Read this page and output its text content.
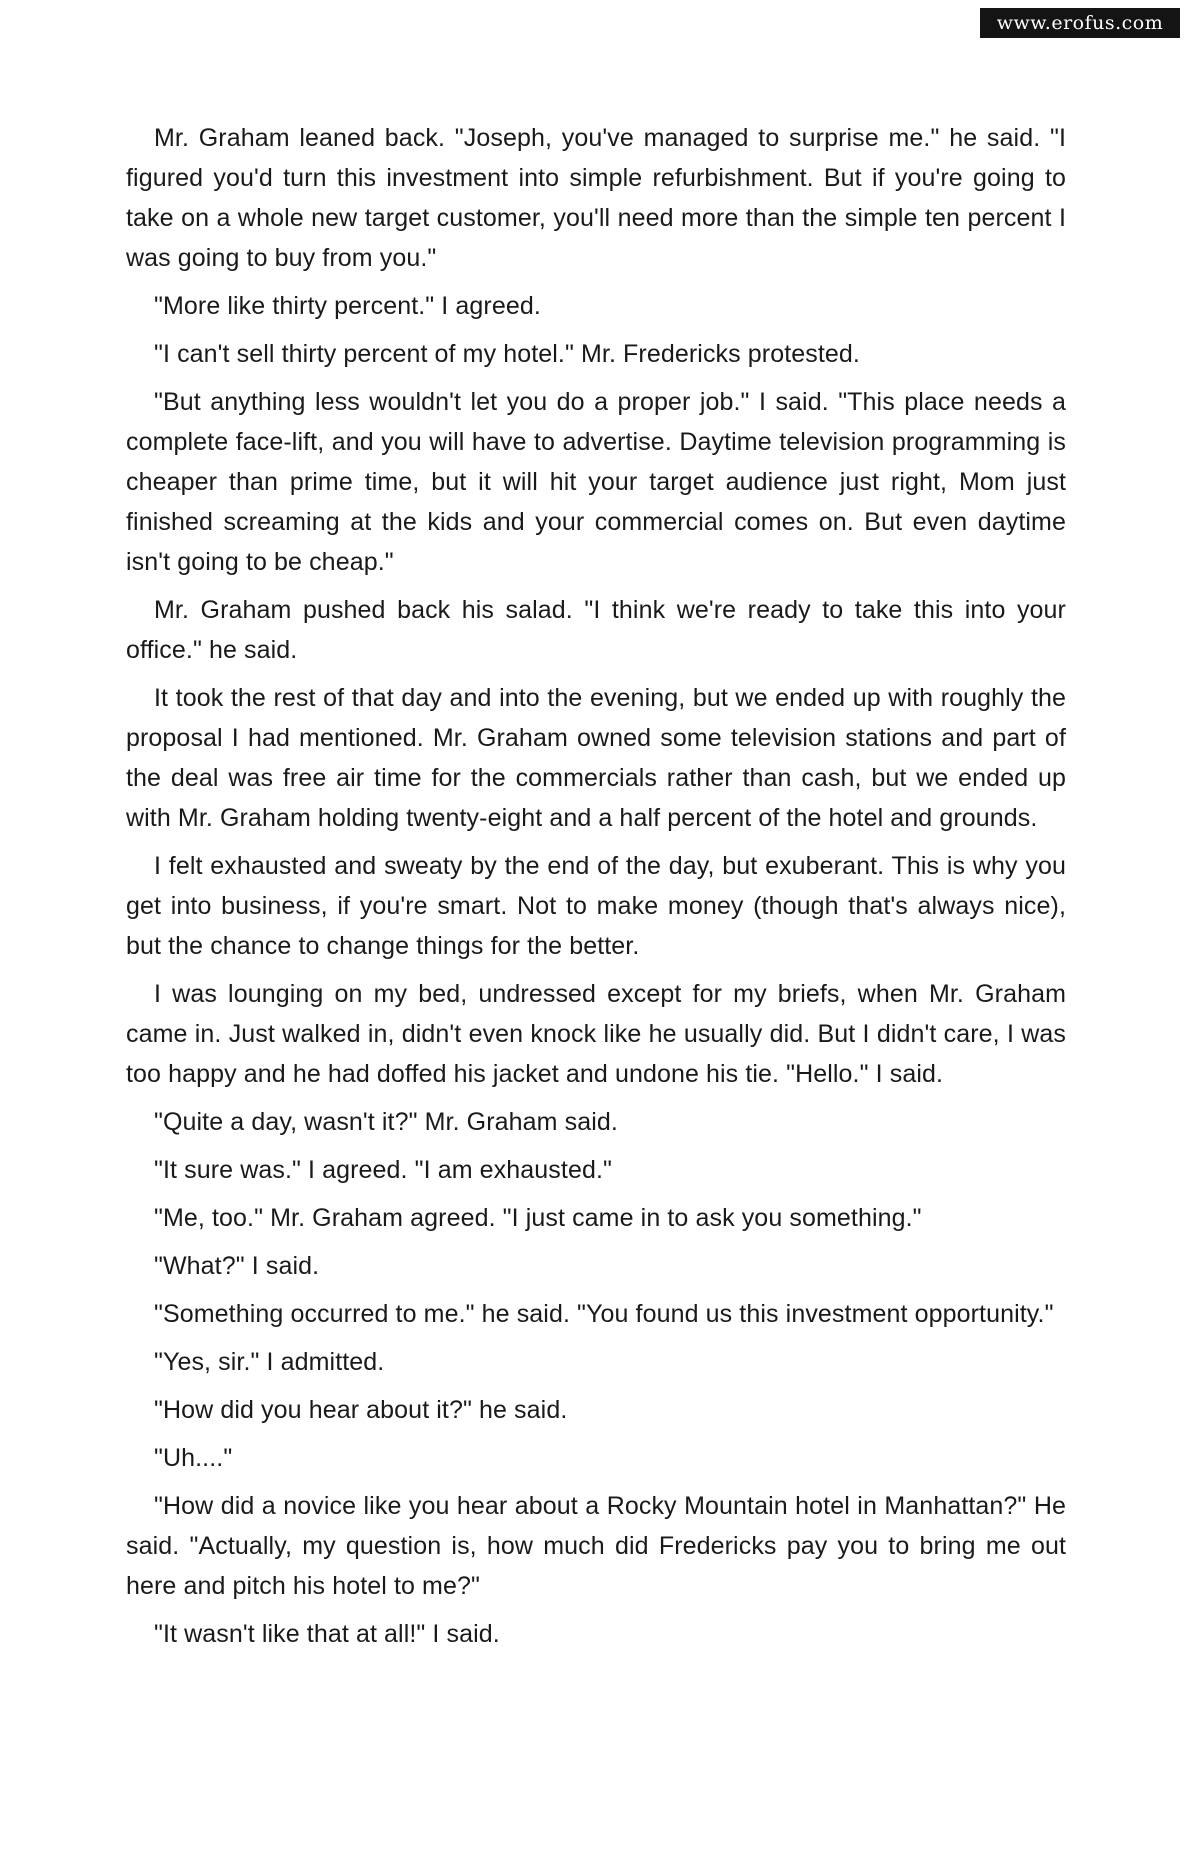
www.erofus.com

Mr. Graham leaned back. "Joseph, you've managed to surprise me." he said. "I figured you'd turn this investment into simple refurbishment. But if you're going to take on a whole new target customer, you'll need more than the simple ten percent I was going to buy from you."

"More like thirty percent." I agreed.

"I can't sell thirty percent of my hotel." Mr. Fredericks protested.

"But anything less wouldn't let you do a proper job." I said. "This place needs a complete face-lift, and you will have to advertise. Daytime television programming is cheaper than prime time, but it will hit your target audience just right, Mom just finished screaming at the kids and your commercial comes on. But even daytime isn't going to be cheap."

Mr. Graham pushed back his salad. "I think we're ready to take this into your office." he said.

It took the rest of that day and into the evening, but we ended up with roughly the proposal I had mentioned. Mr. Graham owned some television stations and part of the deal was free air time for the commercials rather than cash, but we ended up with Mr. Graham holding twenty-eight and a half percent of the hotel and grounds.

I felt exhausted and sweaty by the end of the day, but exuberant. This is why you get into business, if you're smart. Not to make money (though that's always nice), but the chance to change things for the better.

I was lounging on my bed, undressed except for my briefs, when Mr. Graham came in. Just walked in, didn't even knock like he usually did. But I didn't care, I was too happy and he had doffed his jacket and undone his tie. "Hello." I said.

"Quite a day, wasn't it?" Mr. Graham said.

"It sure was." I agreed. "I am exhausted."

"Me, too." Mr. Graham agreed. "I just came in to ask you something."

"What?" I said.

"Something occurred to me." he said. "You found us this investment opportunity."

"Yes, sir." I admitted.

"How did you hear about it?" he said.

"Uh...."

"How did a novice like you hear about a Rocky Mountain hotel in Manhattan?" He said. "Actually, my question is, how much did Fredericks pay you to bring me out here and pitch his hotel to me?"

"It wasn't like that at all!" I said.
